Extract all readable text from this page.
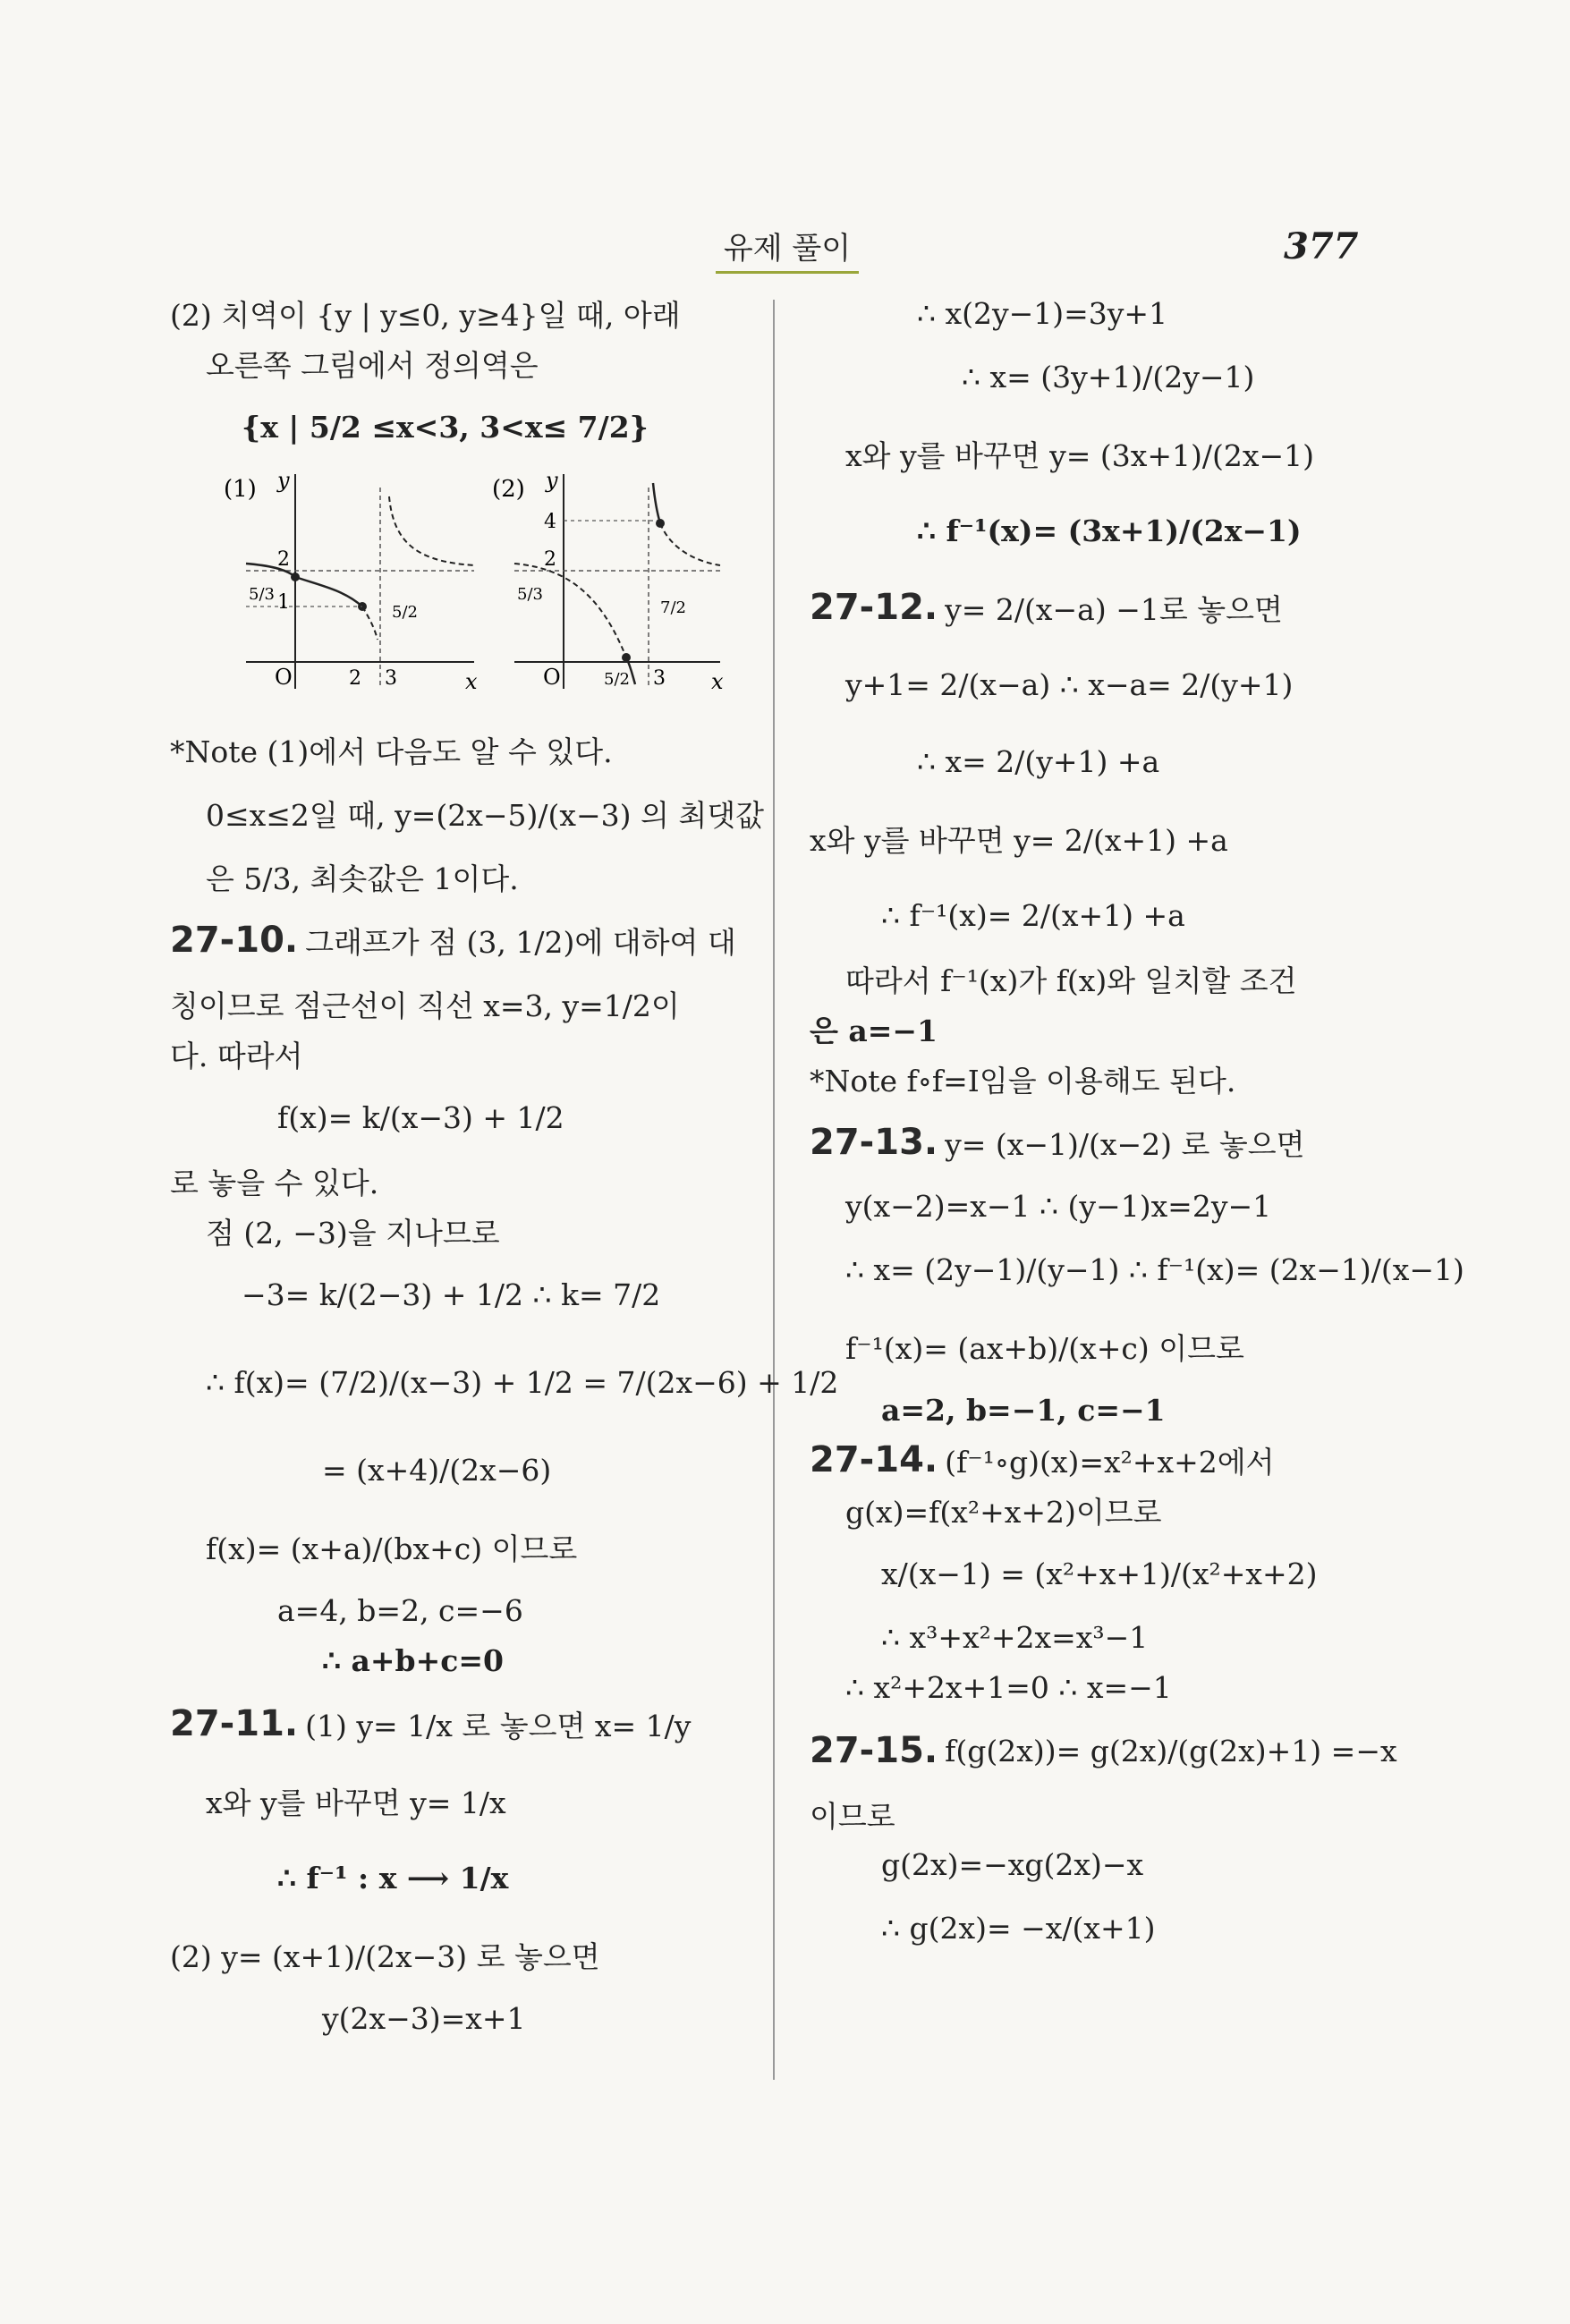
유제 풀이	377
(2) 치역이 {y | y≤0, y≥4}일 때, 아래
오른쪽 그림에서 정의역은
{x | 5/2 ≤x<3, 3<x≤ 7/2}
(1) y
x
O
2
5/3 1
2 3
5/2
(2) y
x
O
4
2
5/3
5/2 3
7/2
*Note (1)에서 다음도 알 수 있다.
0≤x≤2일 때, y=(2x−5)/(x−3) 의 최댓값
은 5/3, 최솟값은 1이다.
27-10. 그래프가 점 (3, 1/2)에 대하여 대
칭이므로 점근선이 직선 x=3, y=1/2이
다. 따라서
f(x)= k/(x−3) + 1/2
로 놓을 수 있다.
점 (2, −3)을 지나므로
−3= k/(2−3) + 1/2 ∴ k= 7/2
∴ f(x)= (7/2)/(x−3) + 1/2 = 7/(2x−6) + 1/2
= (x+4)/(2x−6)
f(x)= (x+a)/(bx+c) 이므로
a=4, b=2, c=−6
∴ a+b+c=0
27-11. (1) y= 1/x 로 놓으면 x= 1/y
x와 y를 바꾸면 y= 1/x
∴ f⁻¹ : x ⟶ 1/x
(2) y= (x+1)/(2x−3) 로 놓으면
y(2x−3)=x+1
∴ x(2y−1)=3y+1
∴ x= (3y+1)/(2y−1)
x와 y를 바꾸면 y= (3x+1)/(2x−1)
∴ f⁻¹(x)= (3x+1)/(2x−1)
27-12. y= 2/(x−a) −1로 놓으면
y+1= 2/(x−a) ∴ x−a= 2/(y+1)
∴ x= 2/(y+1) +a
x와 y를 바꾸면 y= 2/(x+1) +a
∴ f⁻¹(x)= 2/(x+1) +a
따라서 f⁻¹(x)가 f(x)와 일치할 조건
은 a=−1
*Note f∘f=I임을 이용해도 된다.
27-13. y= (x−1)/(x−2) 로 놓으면
y(x−2)=x−1 ∴ (y−1)x=2y−1
∴ x= (2y−1)/(y−1) ∴ f⁻¹(x)= (2x−1)/(x−1)
f⁻¹(x)= (ax+b)/(x+c) 이므로
a=2, b=−1, c=−1
27-14. (f⁻¹∘g)(x)=x²+x+2에서
g(x)=f(x²+x+2)이므로
x/(x−1) = (x²+x+1)/(x²+x+2)
∴ x³+x²+2x=x³−1
∴ x²+2x+1=0 ∴ x=−1
27-15. f(g(2x))= g(2x)/(g(2x)+1) =−x
이므로
g(2x)=−xg(2x)−x
∴ g(2x)= −x/(x+1)
